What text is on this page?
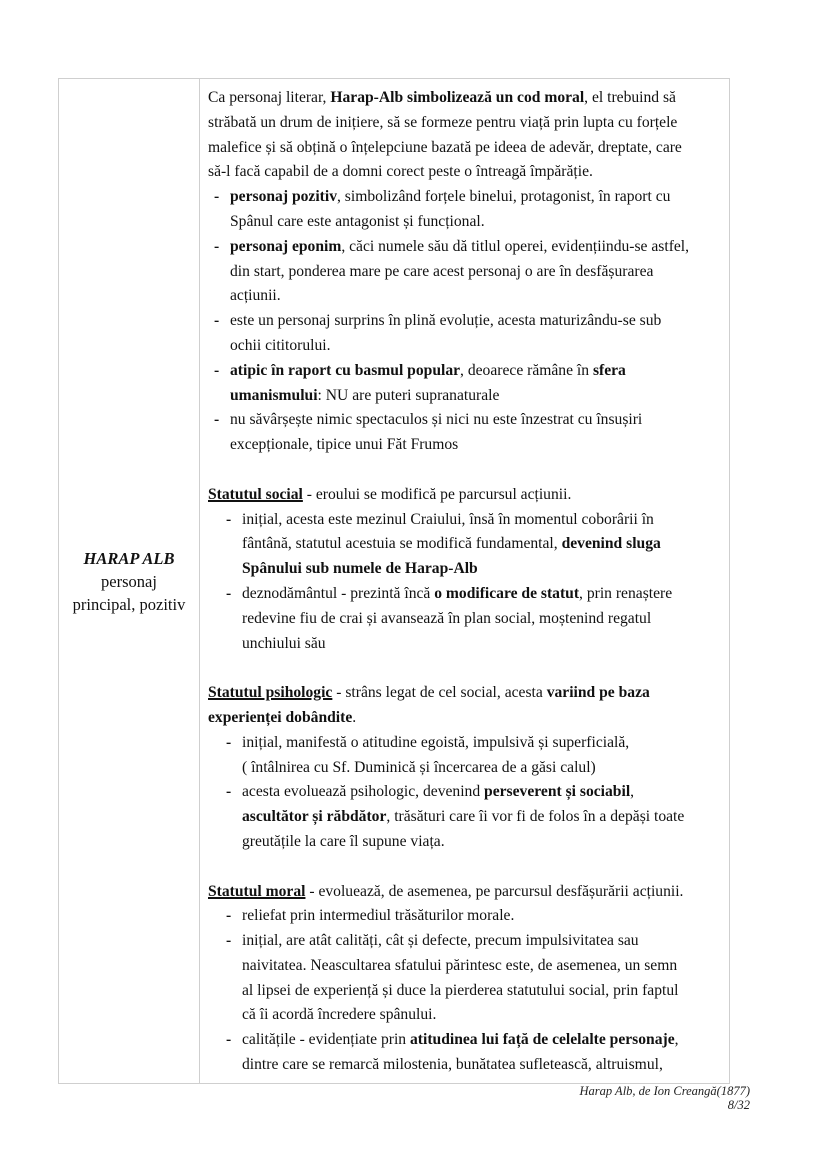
HARAP ALB
personaj
principal, pozitiv
Ca personaj literar, Harap-Alb simbolizează un cod moral, el trebuind să
străbată un drum de inițiere, să se formeze pentru viață prin lupta cu forțele
malefice și să obțină o înțelepciune bazată pe ideea de adevăr, dreptate, care
să-l facă capabil de a domni corect peste o întreagă împărăție.
- personaj pozitiv, simbolizând forțele binelui, protagonist, în raport cu
Spânul care este antagonist și funcțional.
- personaj eponim, căci numele său dă titlul operei, evidențiindu-se astfel,
din start, ponderea mare pe care acest personaj o are în desfășurarea
acțiunii.
- este un personaj surprins în plină evoluție, acesta maturizându-se sub
ochii cititorului.
- atipic în raport cu basmul popular, deoarece rămâne în sfera
umanismului: NU are puteri supranaturale
- nu săvârșește nimic spectaculos și nici nu este înzestrat cu însușiri
excepționale, tipice unui Făt Frumos
Statutul social - eroului se modifică pe parcursul acțiunii.
- inițial, acesta este mezinul Craiului, însă în momentul coborârii în
fântână, statutul acestuia se modifică fundamental, devenind sluga
Spânului sub numele de Harap-Alb
- deznodământul - prezintă încă o modificare de statut, prin renaștere
redevine fiu de crai și avansează în plan social, moștenind regatul
unchiului său
Statutul psihologic - strâns legat de cel social, acesta variind pe baza
experienței dobândite.
- inițial, manifestă o atitudine egoistă, impulsivă și superficială,
( întâlnirea cu Sf. Duminică și încercarea de a găsi calul)
- acesta evoluează psihologic, devenind perseverent și sociabil,
ascultător și răbdător, trăsături care îi vor fi de folos în a depăși toate
greutățile la care îl supune viața.
Statutul moral - evoluează, de asemenea, pe parcursul desfășurării acțiunii.
- reliefat prin intermediul trăsăturilor morale.
- inițial, are atât calități, cât și defecte, precum impulsivitatea sau
naivitatea. Neascultarea sfatului părintesc este, de asemenea, un semn
al lipsei de experiență și duce la pierderea statutului social, prin faptul
că îi acordă încredere spânului.
- calitățile - evidențiate prin atitudinea lui față de celelalte personaje,
dintre care se remarcă milostenia, bunătatea sufletească, altruismul,
Harap Alb, de Ion Creangă(1877)
8/32
